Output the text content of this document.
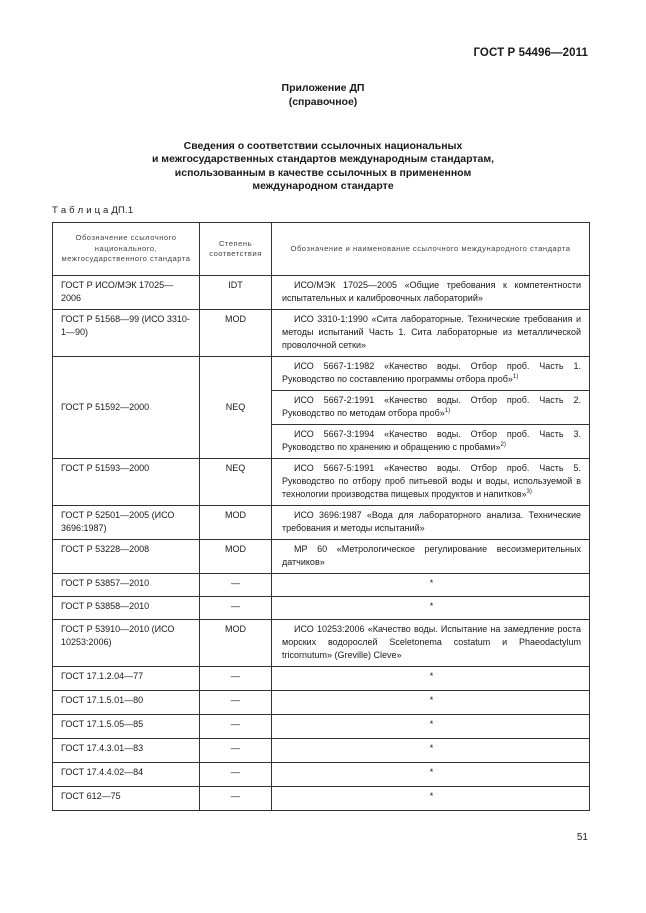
ГОСТ Р 54496—2011
Приложение ДП
(справочное)
Сведения о соответствии ссылочных национальных
и межгосударственных стандартов международным стандартам,
использованным в качестве ссылочных в примененном
международном стандарте
Т а б л и ц а ДП.1
Обозначение ссылочного национального, межгосударственного стандарта	Степень соответствия	Обозначение и наименование ссылочного международного стандарта
ГОСТ Р ИСО/МЭК 17025—2006	IDT	ИСО/МЭК 17025—2005 «Общие требования к компетентности испытательных и калибровочных лабораторий»
ГОСТ Р 51568—99 (ИСО 3310-1—90)	MOD	ИСО 3310-1:1990 «Сита лабораторные. Технические требования и методы испытаний Часть 1. Сита лабораторные из металлической проволочной сетки»
ГОСТ Р 51592—2000	NEQ	ИСО 5667-1:1982 «Качество воды. Отбор проб. Часть 1. Руководство по составлению программы отбора проб»$^{1)}$
		ИСО 5667-2:1991 «Качество воды. Отбор проб. Часть 2. Руководство по методам отбора проб»$^{1)}$
		ИСО 5667-3:1994 «Качество воды. Отбор проб. Часть 3. Руководство по хранению и обращению с пробами»$^{2)}$
ГОСТ Р 51593—2000	NEQ	ИСО 5667-5:1991 «Качество воды. Отбор проб. Часть 5. Руководство по отбору проб питьевой воды и воды, используемой в технологии производства пищевых продуктов и напитков»$^{3)}$
ГОСТ Р 52501—2005 (ИСО 3696:1987)	MOD	ИСО 3696:1987 «Вода для лабораторного анализа. Технические требования и методы испытаний»
ГОСТ Р 53228—2008	MOD	МР 60 «Метрологическое регулирование весоизмерительных датчиков»
ГОСТ Р 53857—2010	—	*
ГОСТ Р 53858—2010	—	*
ГОСТ Р 53910—2010 (ИСО 10253:2006)	MOD	ИСО 10253:2006 «Качество воды. Испытание на замедление роста морских водорослей Sceletonema costatum и Phaeodactylum tricornutum» (Greville) Cleve»
ГОСТ 17.1.2.04—77	—	*
ГОСТ 17.1.5.01—80	—	*
ГОСТ 17.1.5.05—85	—	*
ГОСТ 17.4.3.01—83	—	*
ГОСТ 17.4.4.02—84	—	*
ГОСТ 612—75	—	*
51
